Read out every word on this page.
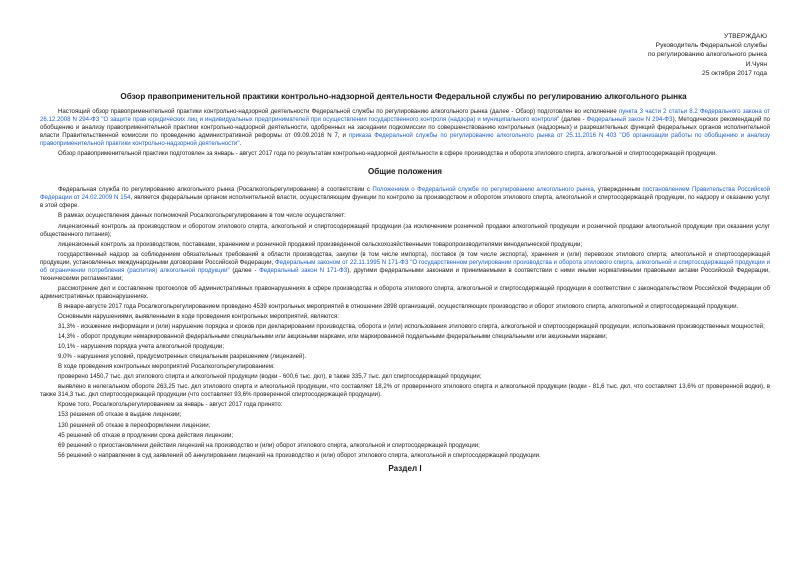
УТВЕРЖДАЮ
Руководитель Федеральной службы
по регулированию алкогольного рынка
И.Чуян
25 октября 2017 года
Обзор правоприменительной практики контрольно-надзорной деятельности Федеральной службы по регулированию алкогольного рынка

Настоящий обзор правоприменительной практики контрольно-надзорной деятельности Федеральной службы по регулированию алкогольного рынка (далее - Обзор) подготовлен во исполнение пункта 3 части 2 статьи 8.2 Федерального закона от 26.12.2008 N 294-ФЗ "О защите прав юридических лиц и индивидуальных предпринимателей при осуществлении государственного контроля (надзора) и муниципального контроля" (далее - Федеральный закон N 294-ФЗ), Методических рекомендаций по обобщению и анализу правоприменительной практики контрольно-надзорной деятельности, одобренных на заседании подкомиссии по совершенствованию контрольных (надзорных) и разрешительных функций федеральных органов исполнительной власти Правительственной комиссии по проведению административной реформы от 09.09.2016 N 7, и приказа Федеральной службы по регулированию алкогольного рынка от 25.11.2016 N 403 "Об организации работы по обобщению и анализу правоприменительной практики контрольно-надзорной деятельности".

Обзор правоприменительной практики подготовлен за январь - август 2017 года по результатам контрольно-надзорной деятельности в сфере производства и оборота этилового спирта, алкогольной и спиртосодержащей продукции.

Общие положения

Федеральная служба по регулированию алкогольного рынка (Росалкогольрегулирование) в соответствии с Положением о Федеральной службе по регулированию алкогольного рынка, утвержденным постановлением Правительства Российской Федерации от 24.02.2009 N 154, является федеральным органом исполнительной власти, осуществляющим функции по контролю за производством и оборотом этилового спирта, алкогольной и спиртосодержащей продукции, по надзору и оказанию услуг в этой сфере.

В рамках осуществления данных полномочий Росалкогольрегулирование в том числе осуществляет:

лицензионный контроль за производством и оборотом этилового спирта, алкогольной и спиртосодержащей продукции (за исключением розничной продажи алкогольной продукции и розничной продажи алкогольной продукции при оказании услуг общественного питания);

лицензионный контроль за производством, поставками, хранением и розничной продажей произведенной сельскохозяйственными товаропроизводителями винодельческой продукции;

государственный надзор за соблюдением обязательных требований в области производства, закупки (в том числе импорта), поставок (в том числе экспорта), хранения и (или) перевозок этилового спирта, алкогольной и спиртосодержащей продукции, установленных международными договорами Российской Федерации, Федеральным законом от 22.11.1995 N 171-ФЗ "О государственном регулировании производства и оборота этилового спирта, алкогольной и спиртосодержащей продукции и об ограничении потребления (распития) алкогольной продукции" (далее - Федеральный закон N 171-ФЗ), другими федеральными законами и принимаемыми в соответствии с ними иными нормативными правовыми актами Российской Федерации, техническими регламентами;

рассмотрение дел и составление протоколов об административных правонарушениях в сфере производства и оборота этилового спирта, алкогольной и спиртосодержащей продукции в соответствии с законодательством Российской Федерации об административных правонарушениях.

В январе-августе 2017 года Росалкогольрегулированием проведено 4539 контрольных мероприятий в отношении 2898 организаций, осуществляющих производство и оборот этилового спирта, алкогольной и спиртосодержащей продукции.

Основными нарушениями, выявленными в ходе проведения контрольных мероприятий, являются:

31,3% - искажение информации и (или) нарушение порядка и сроков при декларировании производства, оборота и (или) использования этилового спирта, алкогольной и спиртосодержащей продукции, использования производственных мощностей;

14,3% - оборот продукции немаркированной федеральными специальными или акцизными марками, или маркированной поддельными федеральными специальными или акцизными марками;

10,1% - нарушения порядка учета алкогольной продукции;

9,0% - нарушения условий, предусмотренных специальным разрешением (лицензией).

В ходе проведения контрольных мероприятий Росалкогольрегулированием:

проверено 1450,7 тыс. дкл этилового спирта и алкогольной продукции (водки - 600,6 тыс. дкл), в также 335,7 тыс. дкл спиртосодержащей продукции;

выявлено в нелегальном обороте 263,25 тыс. дкл этилового спирта и алкогольной продукции, что составляет 18,2% от проверенного этилового спирта и алкогольной продукции (водки - 81,6 тыс. дкл, что составляет 13,6% от проверенной водки), в также 314,3 тыс. дкл спиртосодержащей продукции (что составляет 93,6% проверенной спиртосодержащей продукции).

Кроме того, Росалкогольрегулированием за январь - август 2017 года принято:

153 решения об отказе в выдаче лицензии;

130 решений об отказе в переоформлении лицензии;

45 решений об отказе в продлении срока действия лицензии;

69 решений о приостановлении действия лицензий на производство и (или) оборот этилового спирта, алкогольной и спиртосодержащей продукции;

56 решений о направлении в суд заявлений об аннулировании лицензий на производство и (или) оборот этилового спирта, алкогольной и спиртосодержащей продукции.

Раздел I
